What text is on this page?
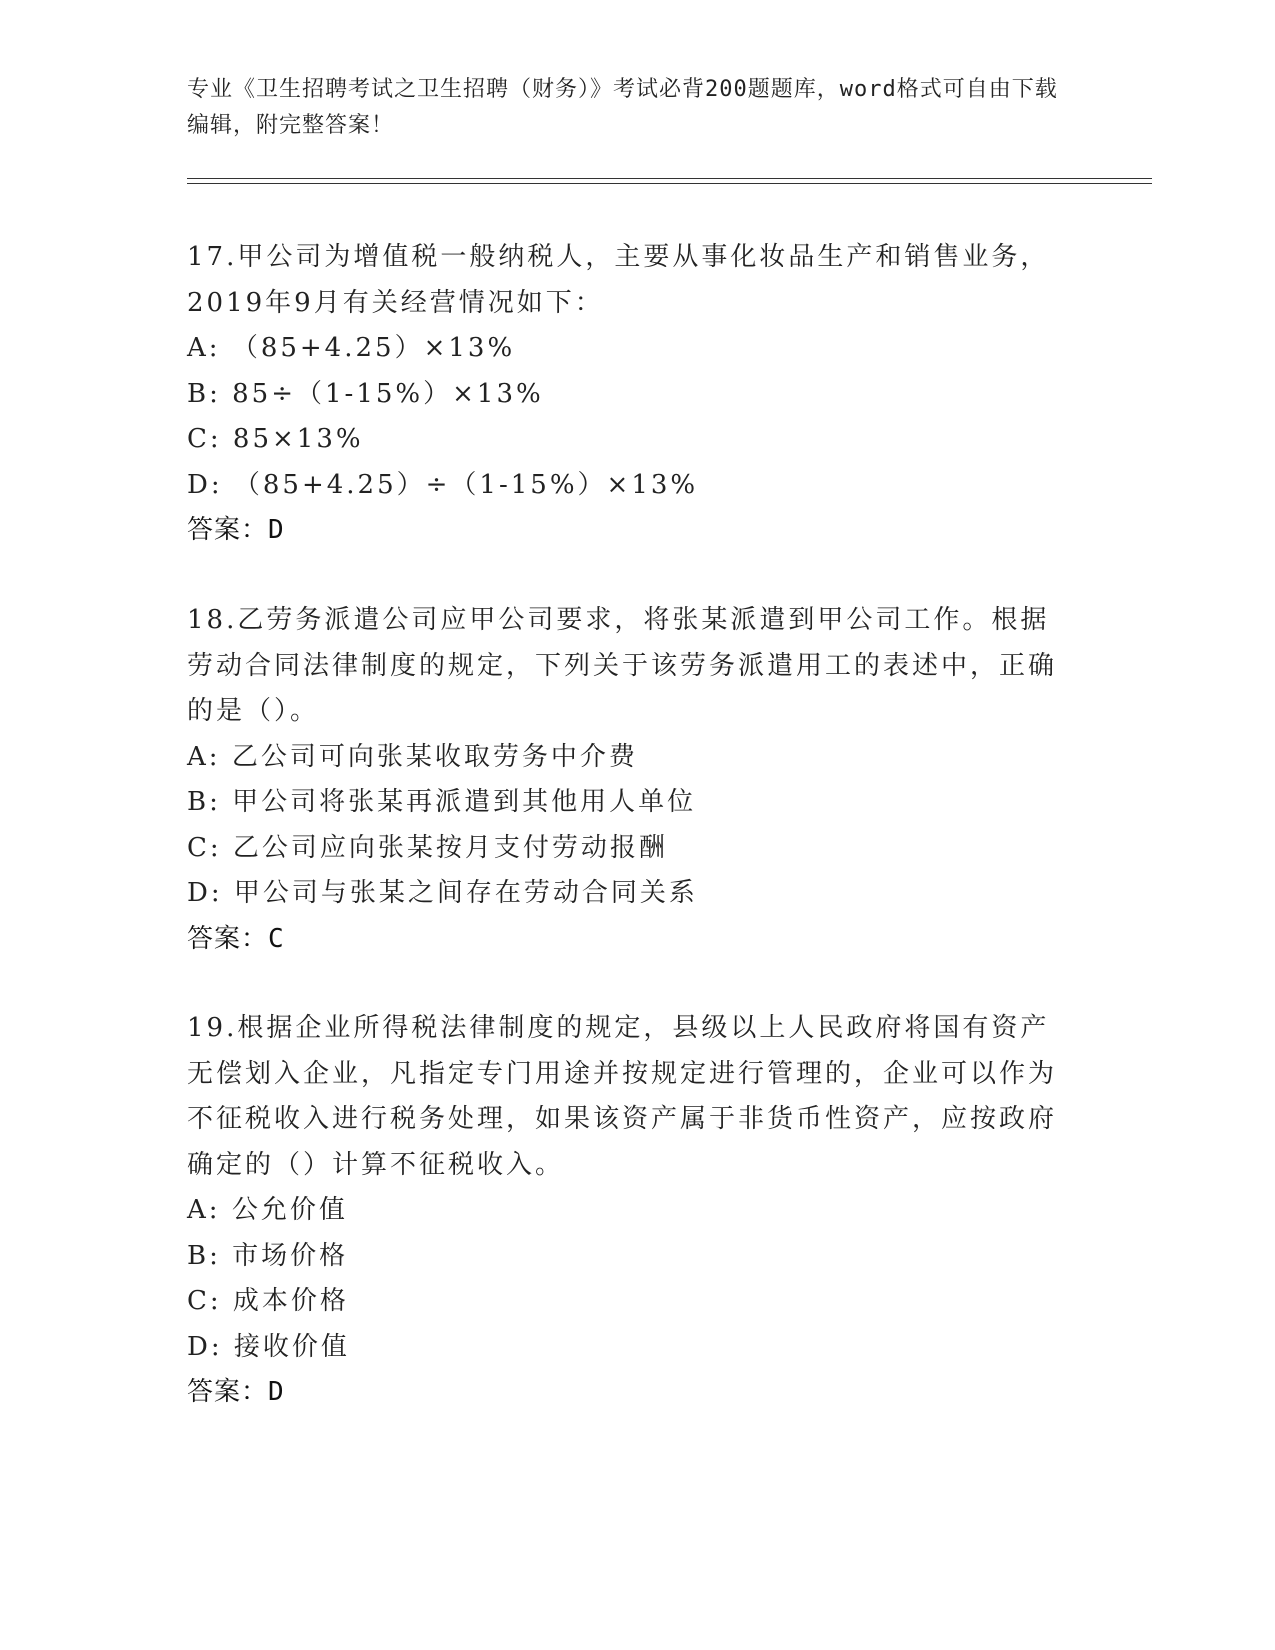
专业《卫生招聘考试之卫生招聘（财务）》考试必背200题题库，word格式可自由下载编辑，附完整答案！

17.甲公司为增值税一般纳税人，主要从事化妆品生产和销售业务，2019年9月有关经营情况如下：

A: （85+4.25）×13%
B: 85÷（1-15%）×13%
C: 85×13%
D: （85+4.25）÷（1-15%）×13%
答案：D

18.乙劳务派遣公司应甲公司要求，将张某派遣到甲公司工作。根据劳动合同法律制度的规定，下列关于该劳务派遣用工的表述中，正确的是（）。

A: 乙公司可向张某收取劳务中介费
B: 甲公司将张某再派遣到其他用人单位
C: 乙公司应向张某按月支付劳动报酬
D: 甲公司与张某之间存在劳动合同关系
答案：C

19.根据企业所得税法律制度的规定，县级以上人民政府将国有资产无偿划入企业，凡指定专门用途并按规定进行管理的，企业可以作为不征税收入进行税务处理，如果该资产属于非货币性资产，应按政府确定的（）计算不征税收入。

A: 公允价值
B: 市场价格
C: 成本价格
D: 接收价值
答案：D
